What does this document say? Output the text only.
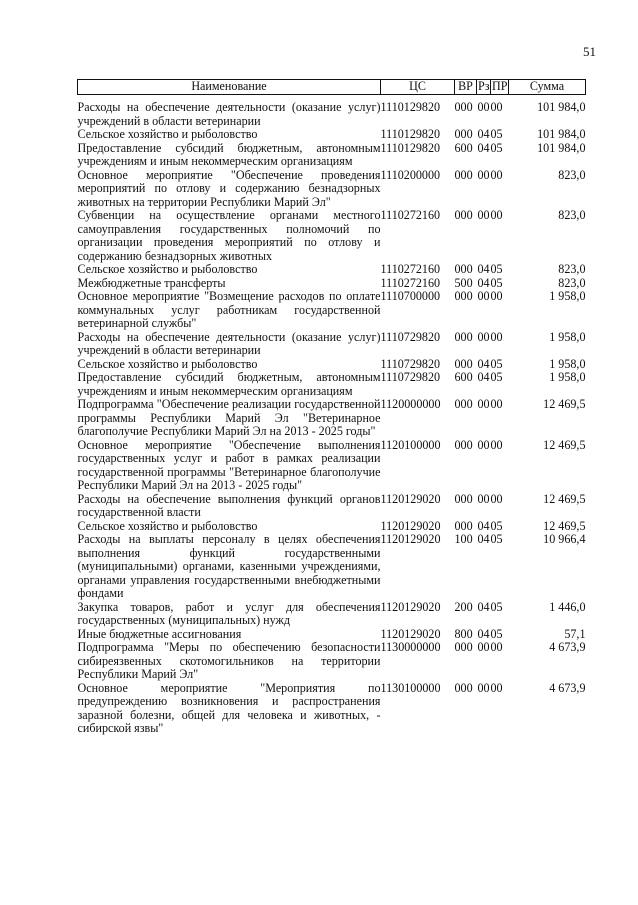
51
Наименование	ЦС	ВР	Рз	ПР	Сумма

Расходы на обеспечение деятельности (оказание услуг) учреждений в области ветеринарии	1110129820	000	00	00	101 984,0
Сельское хозяйство и рыболовство	1110129820	000	04	05	101 984,0
Предоставление субсидий бюджетным, автономным учреждениям и иным некоммерческим организациям	1110129820	600	04	05	101 984,0
Основное мероприятие "Обеспечение проведения мероприятий по отлову и содержанию безнадзорных животных на территории Республики Марий Эл"	1110200000	000	00	00	823,0
Субвенции на осуществление органами местного самоуправления государственных полномочий по организации проведения мероприятий по отлову и содержанию безнадзорных животных	1110272160	000	00	00	823,0
Сельское хозяйство и рыболовство	1110272160	000	04	05	823,0
Межбюджетные трансферты	1110272160	500	04	05	823,0
Основное мероприятие "Возмещение расходов по оплате коммунальных услуг работникам государственной ветеринарной службы"	1110700000	000	00	00	1 958,0
Расходы на обеспечение деятельности (оказание услуг) учреждений в области ветеринарии	1110729820	000	00	00	1 958,0
Сельское хозяйство и рыболовство	1110729820	000	04	05	1 958,0
Предоставление субсидий бюджетным, автономным учреждениям и иным некоммерческим организациям	1110729820	600	04	05	1 958,0
Подпрограмма "Обеспечение реализации государственной программы Республики Марий Эл "Ветеринарное благополучие Республики Марий Эл на 2013 - 2025 годы"	1120000000	000	00	00	12 469,5
Основное мероприятие "Обеспечение выполнения государственных услуг и работ в рамках реализации государственной программы "Ветеринарное благополучие Республики Марий Эл на 2013 - 2025 годы"	1120100000	000	00	00	12 469,5
Расходы на обеспечение выполнения функций органов государственной власти	1120129020	000	00	00	12 469,5
Сельское хозяйство и рыболовство	1120129020	000	04	05	12 469,5
Расходы на выплаты персоналу в целях обеспечения выполнения функций государственными (муниципальными) органами, казенными учреждениями, органами управления государственными внебюджетными фондами	1120129020	100	04	05	10 966,4
Закупка товаров, работ и услуг для обеспечения государственных (муниципальных) нужд	1120129020	200	04	05	1 446,0
Иные бюджетные ассигнования	1120129020	800	04	05	57,1
Подпрограмма "Меры по обеспечению безопасности сибиреязвенных скотомогильников на территории Республики Марий Эл"	1130000000	000	00	00	4 673,9
Основное мероприятие "Мероприятия по предупреждению возникновения и распространения заразной болезни, общей для человека и животных, - сибирской язвы"	1130100000	000	00	00	4 673,9
